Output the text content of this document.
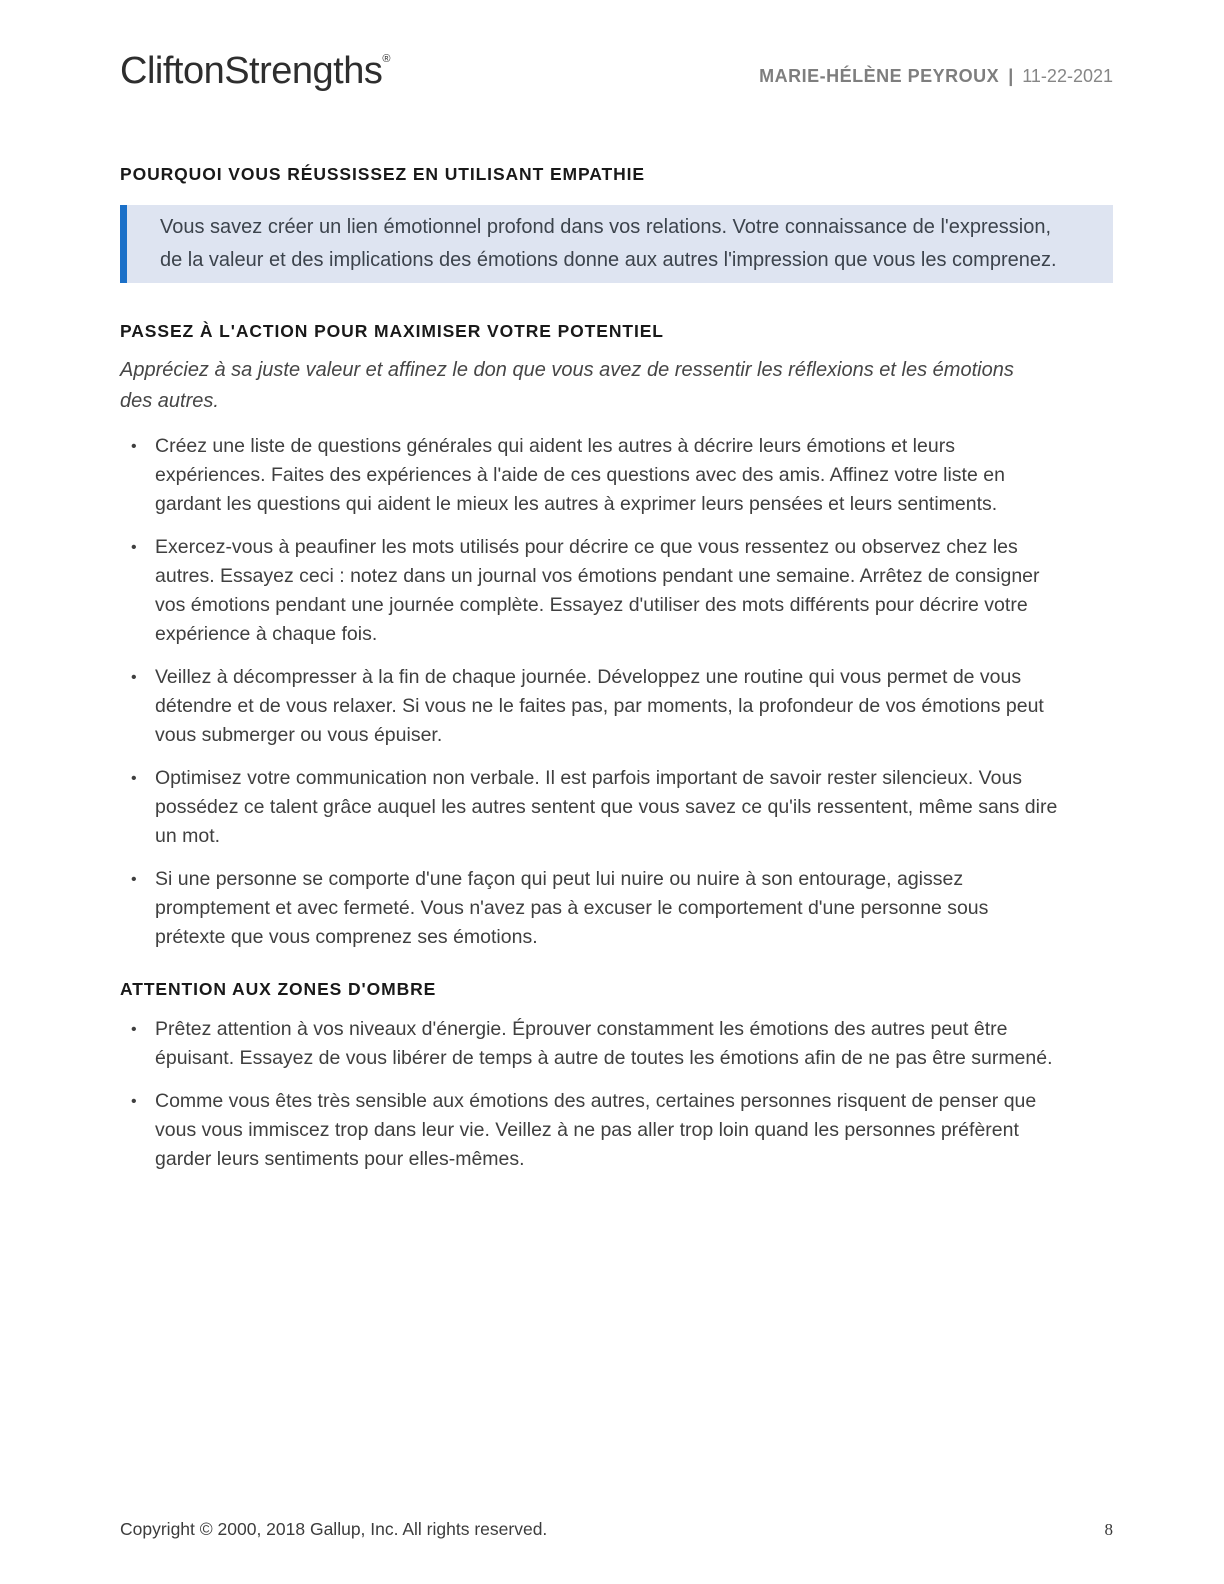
CliftonStrengths®
MARIE-HÉLÈNE PEYROUX | 11-22-2021
POURQUOI VOUS RÉUSSISSEZ EN UTILISANT EMPATHIE
Vous savez créer un lien émotionnel profond dans vos relations. Votre connaissance de l'expression, de la valeur et des implications des émotions donne aux autres l'impression que vous les comprenez.
PASSEZ À L'ACTION POUR MAXIMISER VOTRE POTENTIEL

Appréciez à sa juste valeur et affinez le don que vous avez de ressentir les réflexions et les émotions des autres.

• Créez une liste de questions générales qui aident les autres à décrire leurs émotions et leurs expériences. Faites des expériences à l'aide de ces questions avec des amis. Affinez votre liste en gardant les questions qui aident le mieux les autres à exprimer leurs pensées et leurs sentiments.
• Exercez-vous à peaufiner les mots utilisés pour décrire ce que vous ressentez ou observez chez les autres. Essayez ceci : notez dans un journal vos émotions pendant une semaine. Arrêtez de consigner vos émotions pendant une journée complète. Essayez d'utiliser des mots différents pour décrire votre expérience à chaque fois.
• Veillez à décompresser à la fin de chaque journée. Développez une routine qui vous permet de vous détendre et de vous relaxer. Si vous ne le faites pas, par moments, la profondeur de vos émotions peut vous submerger ou vous épuiser.
• Optimisez votre communication non verbale. Il est parfois important de savoir rester silencieux. Vous possédez ce talent grâce auquel les autres sentent que vous savez ce qu'ils ressentent, même sans dire un mot.
• Si une personne se comporte d'une façon qui peut lui nuire ou nuire à son entourage, agissez promptement et avec fermeté. Vous n'avez pas à excuser le comportement d'une personne sous prétexte que vous comprenez ses émotions.
ATTENTION AUX ZONES D'OMBRE
• Prêtez attention à vos niveaux d'énergie. Éprouver constamment les émotions des autres peut être épuisant. Essayez de vous libérer de temps à autre de toutes les émotions afin de ne pas être surmené.
• Comme vous êtes très sensible aux émotions des autres, certaines personnes risquent de penser que vous vous immiscez trop dans leur vie. Veillez à ne pas aller trop loin quand les personnes préfèrent garder leurs sentiments pour elles-mêmes.
Copyright © 2000, 2018 Gallup, Inc. All rights reserved.	8
